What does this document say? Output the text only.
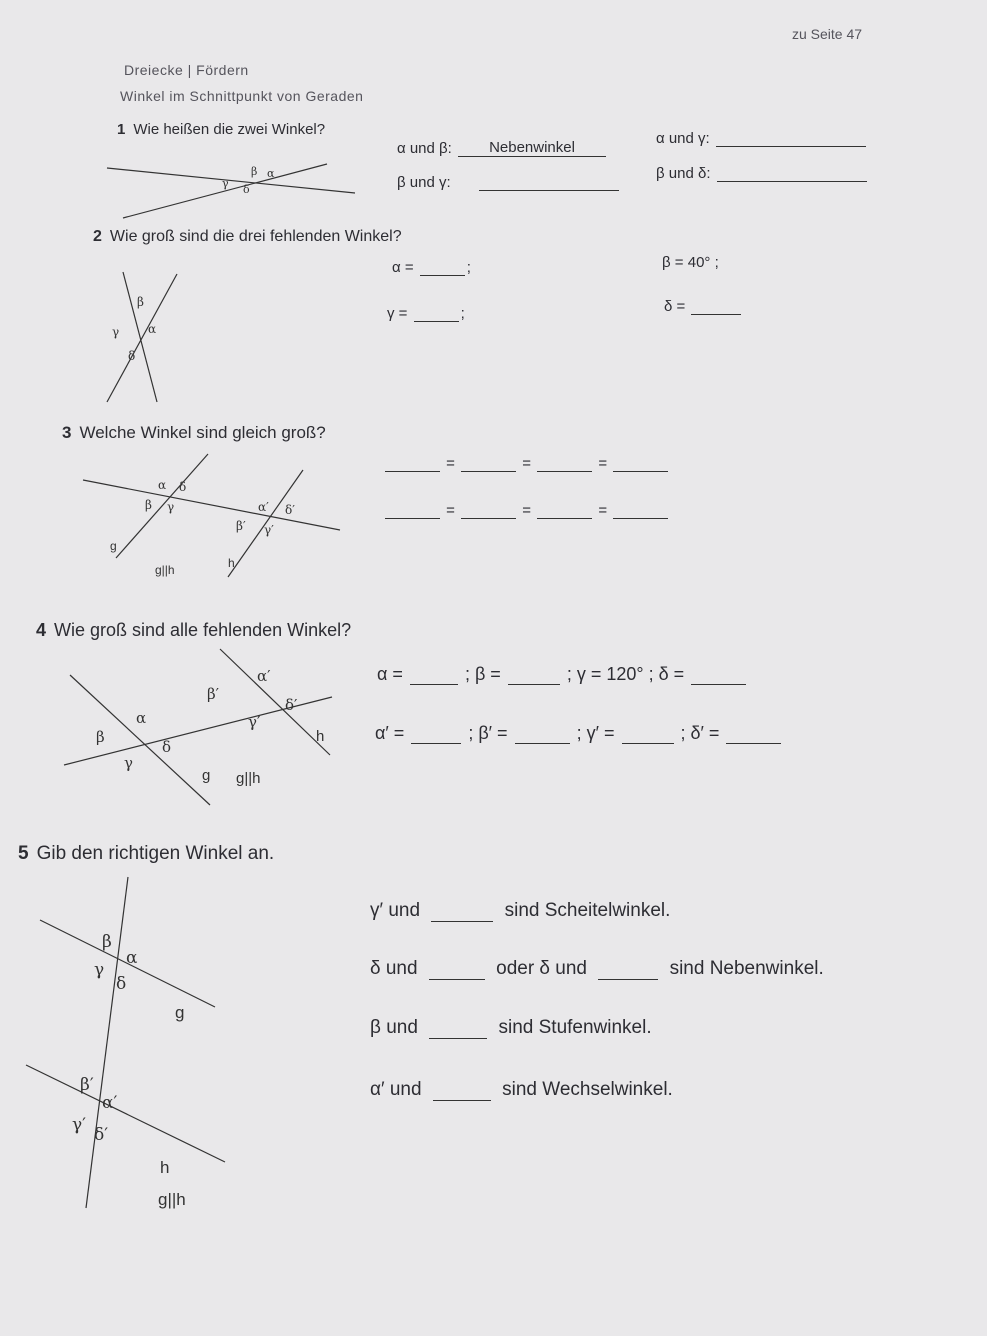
zu Seite 47
Dreiecke | Fördern
Winkel im Schnittpunkt von Geraden
1 Wie heißen die zwei Winkel?
β α
γ δ
α und β: Nebenwinkel
α und γ:
β und γ:
β und δ:
2 Wie groß sind die drei fehlenden Winkel?
β
γ α
δ
α =	;	β = 40° ;
γ =	;	δ =
3 Welche Winkel sind gleich groß?
α δ
β γ	α′ δ′
β′ γ′
g
h
g||h
=	=	=
=	=	=
4 Wie groß sind alle fehlenden Winkel?
α′
β′
δ′
γ′
α
β
δ
γ
h
g g||h
α =	; β =	; γ = 120° ; δ =
α′ =	; β′ =	; γ′ =	; δ′ =
5 Gib den richtigen Winkel an.
β
α
γ
δ
g
β′
α′
γ′ δ′
h
g||h
γ′ und	sind Scheitelwinkel.
δ und	oder δ und	sind Nebenwinkel.
β und	sind Stufenwinkel.
α′ und	sind Wechselwinkel.
